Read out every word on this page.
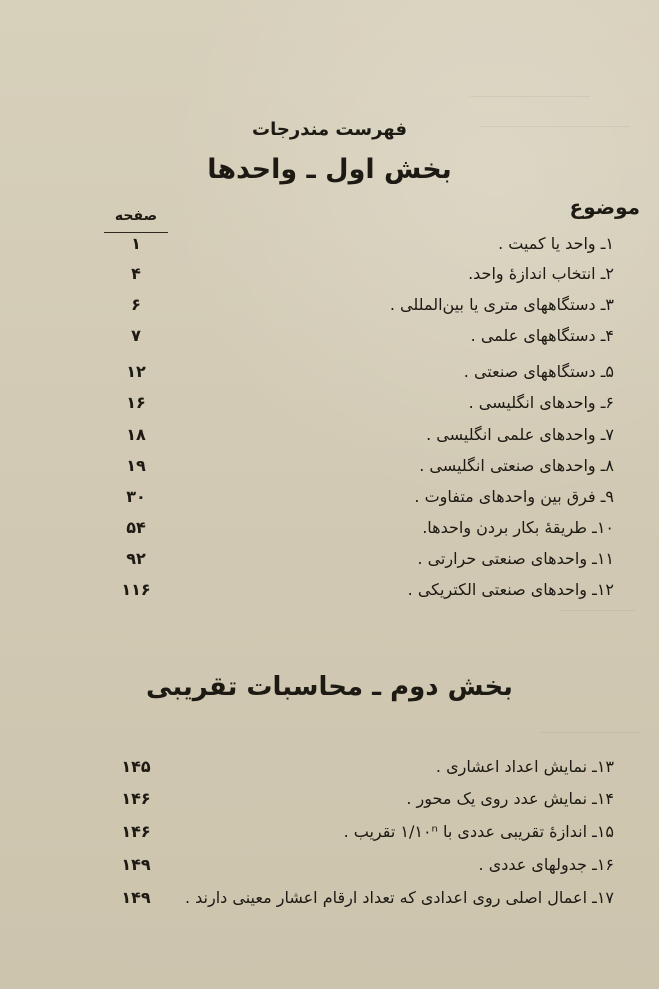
فهرست مندرجات
بخش اول ـ واحدها
موضوع
صفحه
۱ـ واحد یا کمیت .
۱
۲ـ انتخاب اندازهٔ واحد.
۴
۳ـ دستگاههای متری یا بین‌المللی .
۶
۴ـ دستگاههای علمی .
۷
۵ـ دستگاههای صنعتی .
۱۲
۶ـ واحدهای انگلیسی .
۱۶
۷ـ واحدهای علمی انگلیسی .
۱۸
۸ـ واحدهای صنعتی انگلیسی .
۱۹
۹ـ فرق بین واحدهای متفاوت .
۳۰
۱۰ـ طریقهٔ بکار بردن واحدها.
۵۴
۱۱ـ واحدهای صنعتی حرارتی .
۹۲
۱۲ـ واحدهای صنعتی الکتریکی .
۱۱۶
بخش دوم ـ محاسبات تقریبی
۱۳ـ نمایش اعداد اعشاری .
۱۴۵
۱۴ـ نمایش عدد روی یک محور .
۱۴۶
۱۵ـ اندازهٔ تقریبی عددی با ۱/۱۰ⁿ تقریب .
۱۴۶
۱۶ـ جدولهای عددی .
۱۴۹
۱۷ـ اعمال اصلی روی اعدادی که تعداد ارقام اعشار معینی دارند .
۱۴۹
